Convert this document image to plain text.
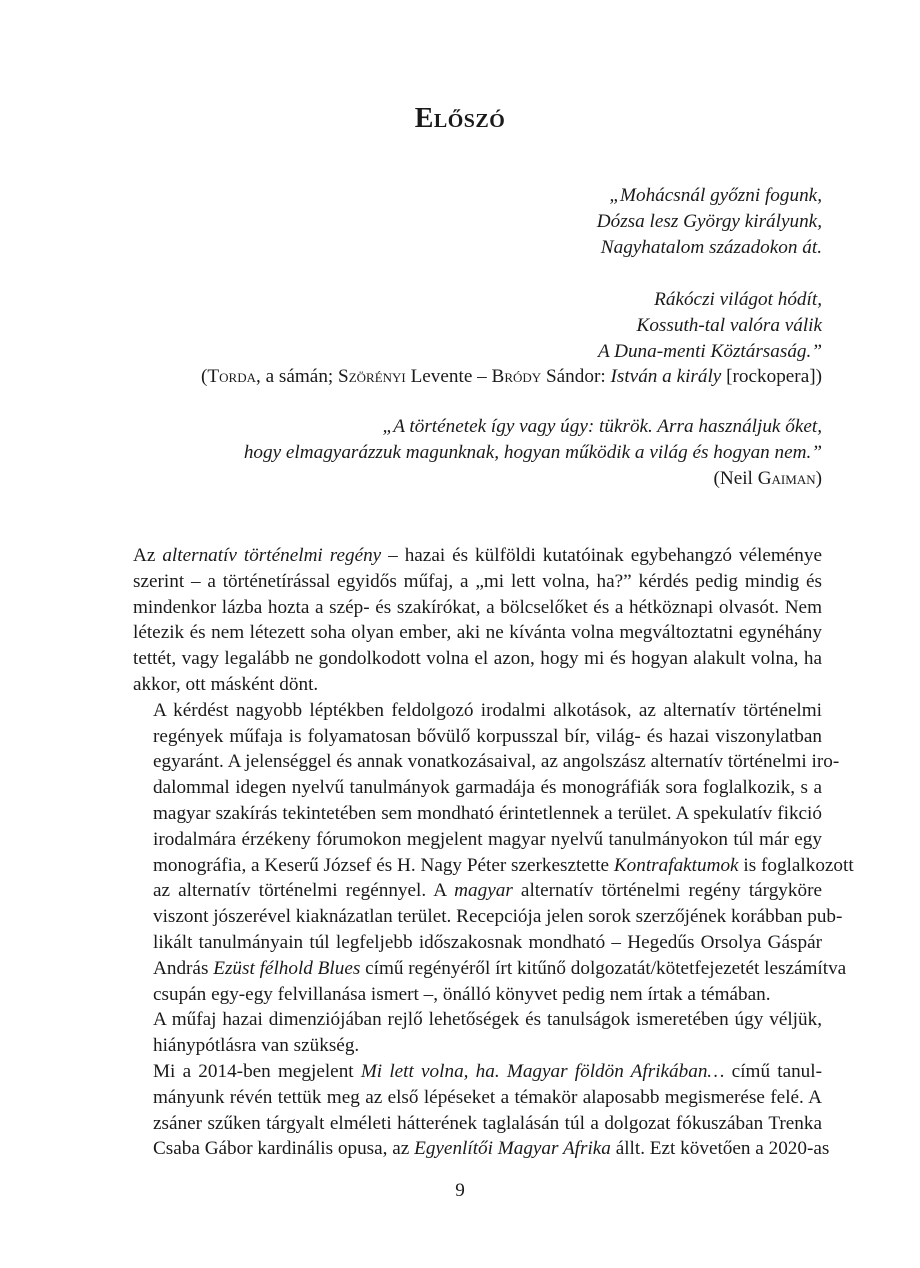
Előszó
„Mohácsnál győzni fogunk,
Dózsa lesz György királyunk,
Nagyhatalom századokon át.
Rákóczi világot hódít,
Kossuth-tal valóra válik
A Duna-menti Köztársaság.”
(Torda, a sámán; Szörényi Levente – Bródy Sándor: István a király [rockopera])
„A történetek így vagy úgy: tükrök. Arra használjuk őket,
hogy elmagyarázzuk magunknak, hogyan működik a világ és hogyan nem.”
(Neil Gaiman)

Az alternatív történelmi regény – hazai és külföldi kutatóinak egybehangzó véleménye
szerint – a történetírással egyidős műfaj, a „mi lett volna, ha?” kérdés pedig mindig és
mindenkor lázba hozta a szép- és szakírókat, a bölcselőket és a hétköznapi olvasót. Nem
létezik és nem létezett soha olyan ember, aki ne kívánta volna megváltoztatni egynéhány
tettét, vagy legalább ne gondolkodott volna el azon, hogy mi és hogyan alakult volna, ha
akkor, ott másként dönt.

A kérdést nagyobb léptékben feldolgozó irodalmi alkotások, az alternatív történelmi
regények műfaja is folyamatosan bővülő korpusszal bír, világ- és hazai viszonylatban
egyaránt. A jelenséggel és annak vonatkozásaival, az angolszász alternatív történelmi iro-
dalommal idegen nyelvű tanulmányok garmadája és monográfiák sora foglalkozik, s a
magyar szakírás tekintetében sem mondható érintetlennek a terület. A spekulatív fikció
irodalmára érzékeny fórumokon megjelent magyar nyelvű tanulmányokon túl már egy
monográfia, a Keserű József és H. Nagy Péter szerkesztette Kontrafaktumok is foglalkozott
az alternatív történelmi regénnyel. A magyar alternatív történelmi regény tárgyköre
viszont jószerével kiaknázatlan terület. Recepciója jelen sorok szerzőjének korábban pub-
likált tanulmányain túl legfeljebb időszakosnak mondható – Hegedűs Orsolya Gáspár
András Ezüst félhold Blues című regényéről írt kitűnő dolgozatát/kötetfejezetét leszámítva
csupán egy-egy felvillanása ismert –, önálló könyvet pedig nem írtak a témában.

A műfaj hazai dimenziójában rejlő lehetőségek és tanulságok ismeretében úgy véljük,
hiánypótlásra van szükség.

Mi a 2014-ben megjelent Mi lett volna, ha. Magyar földön Afrikában… című tanul-
mányunk révén tettük meg az első lépéseket a témakör alaposabb megismerése felé. A
zsáner szűken tárgyalt elméleti hátterének taglalásán túl a dolgozat fókuszában Trenka
Csaba Gábor kardinális opusa, az Egyenlítői Magyar Afrika állt. Ezt követően a 2020-as

9
